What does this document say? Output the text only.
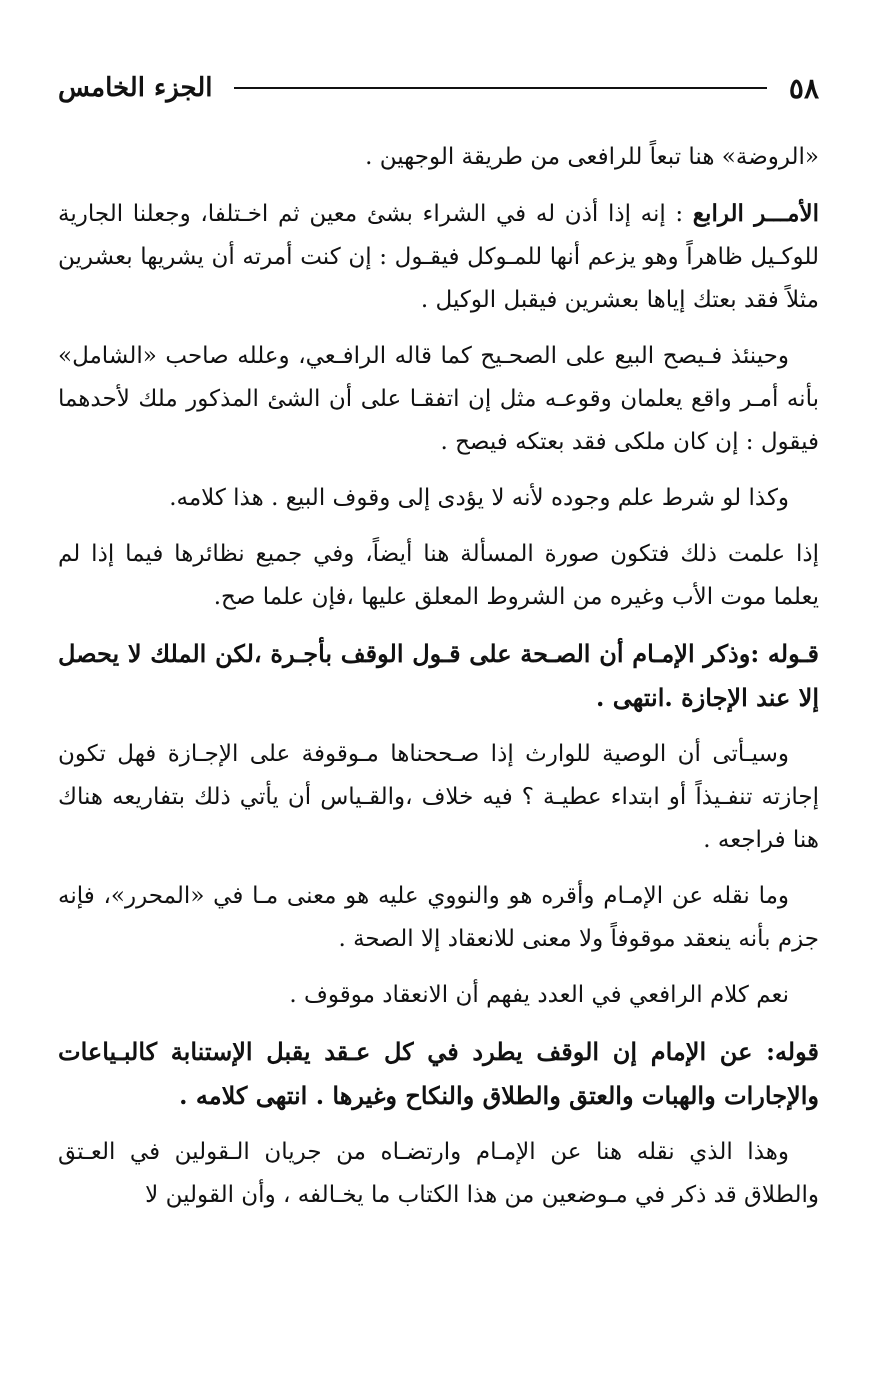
٥٨
الجزء الخامس
«الروضة» هنا تبعاً للرافعى من طريقة الوجهين .
الأمـــر الرابع : إنه إذا أذن له في الشراء بشئ معين ثم اخـتلفا، وجعلنا الجارية للوكـيل ظاهراً وهو يزعم أنها للمـوكل فيقـول : إن كنت أمرته أن يشريها بعشرين مثلاً فقد بعتك إياها بعشرين فيقبل الوكيل .
وحينئذ فـيصح البيع على الصحـيح كما قاله الرافـعي، وعلله صاحب «الشامل» بأنه أمـر واقع يعلمان وقوعـه مثل إن اتفقـا على أن الشئ المذكور ملك لأحدهما فيقول : إن كان ملكى فقد بعتكه فيصح .
وكذا لو شرط علم وجوده لأنه لا يؤدى إلى وقوف البيع . هذا كلامه.
إذا علمت ذلك فتكون صورة المسألة هنا أيضاً، وفي جميع نظائرها فيما إذا لم يعلما موت الأب وغيره من الشروط المعلق عليها ،فإن علما صح.
قـوله :وذكر الإمـام أن الصـحة على قـول الوقف بأجـرة ،لكن الملك لا يحصل إلا عند الإجازة .انتهى .
وسيـأتى أن الوصية للوارث إذا صـححناها مـوقوفة على الإجـازة فهل تكون إجازته تنفـيذاً أو ابتداء عطيـة ؟ فيه خلاف ،والقـياس أن يأتي ذلك بتفاريعه هناك هنا فراجعه .
وما نقله عن الإمـام وأقره هو والنووي عليه هو معنى مـا في «المحرر»، فإنه جزم بأنه ينعقد موقوفاً ولا معنى للانعقاد إلا الصحة .
نعم كلام الرافعي في العدد يفهم أن الانعقاد موقوف .
قوله: عن الإمام إن الوقف يطرد في كل عـقد يقبل الإستنابة كالبـياعات والإجارات والهبات والعتق والطلاق والنكاح وغيرها . انتهى كلامه .
وهذا الذي نقله هنا عن الإمـام وارتضـاه من جريان الـقولين في العـتق والطلاق قد ذكر في مـوضعين من هذا الكتاب ما يخـالفه ، وأن القولين لا
